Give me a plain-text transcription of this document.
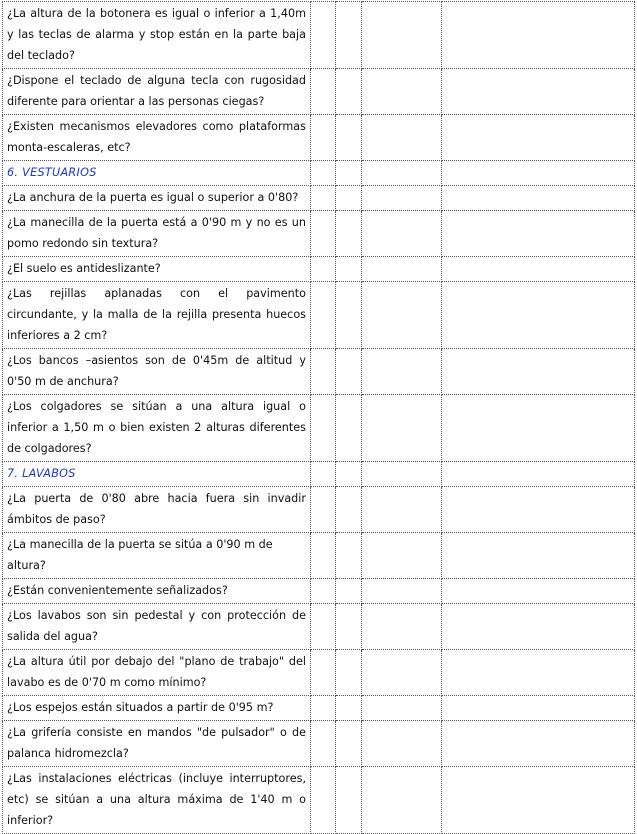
¿La altura de la botonera es igual o inferior a 1,40m y las teclas de alarma y stop están en la parte baja del teclado?				
¿Dispone el teclado de alguna tecla con rugosidad diferente para orientar a las personas ciegas?				
¿Existen mecanismos elevadores como plataformas monta-escaleras, etc?				
6. VESTUARIOS				
¿La anchura de la puerta es igual o superior a 0'80?				
¿La manecilla de la puerta está a 0'90 m y no es un pomo redondo sin textura?				
¿El suelo es antideslizante?				
¿Las rejillas aplanadas con el pavimento circundante, y la malla de la rejilla presenta huecos inferiores a 2 cm?				
¿Los bancos –asientos son de 0'45m de altitud y 0'50 m de anchura?				
¿Los colgadores se sitúan a una altura igual o inferior a 1,50 m o bien existen 2 alturas diferentes de colgadores?				
7. LAVABOS				
¿La puerta de 0'80 abre hacia fuera sin invadir ámbitos de paso?				
¿La manecilla de la puerta se sitúa a 0'90 m de altura?				
¿Están convenientemente señalizados?				
¿Los lavabos son sin pedestal y con protección de salida del agua?				
¿La altura útil por debajo del "plano de trabajo" del lavabo es de 0'70 m como mínimo?				
¿Los espejos están situados a partir de 0'95 m?				
¿La grifería consiste en mandos "de pulsador" o de palanca hidromezcla?				
¿Las instalaciones eléctricas (incluye interruptores, etc) se sitúan a una altura máxima de 1'40 m o inferior?				
